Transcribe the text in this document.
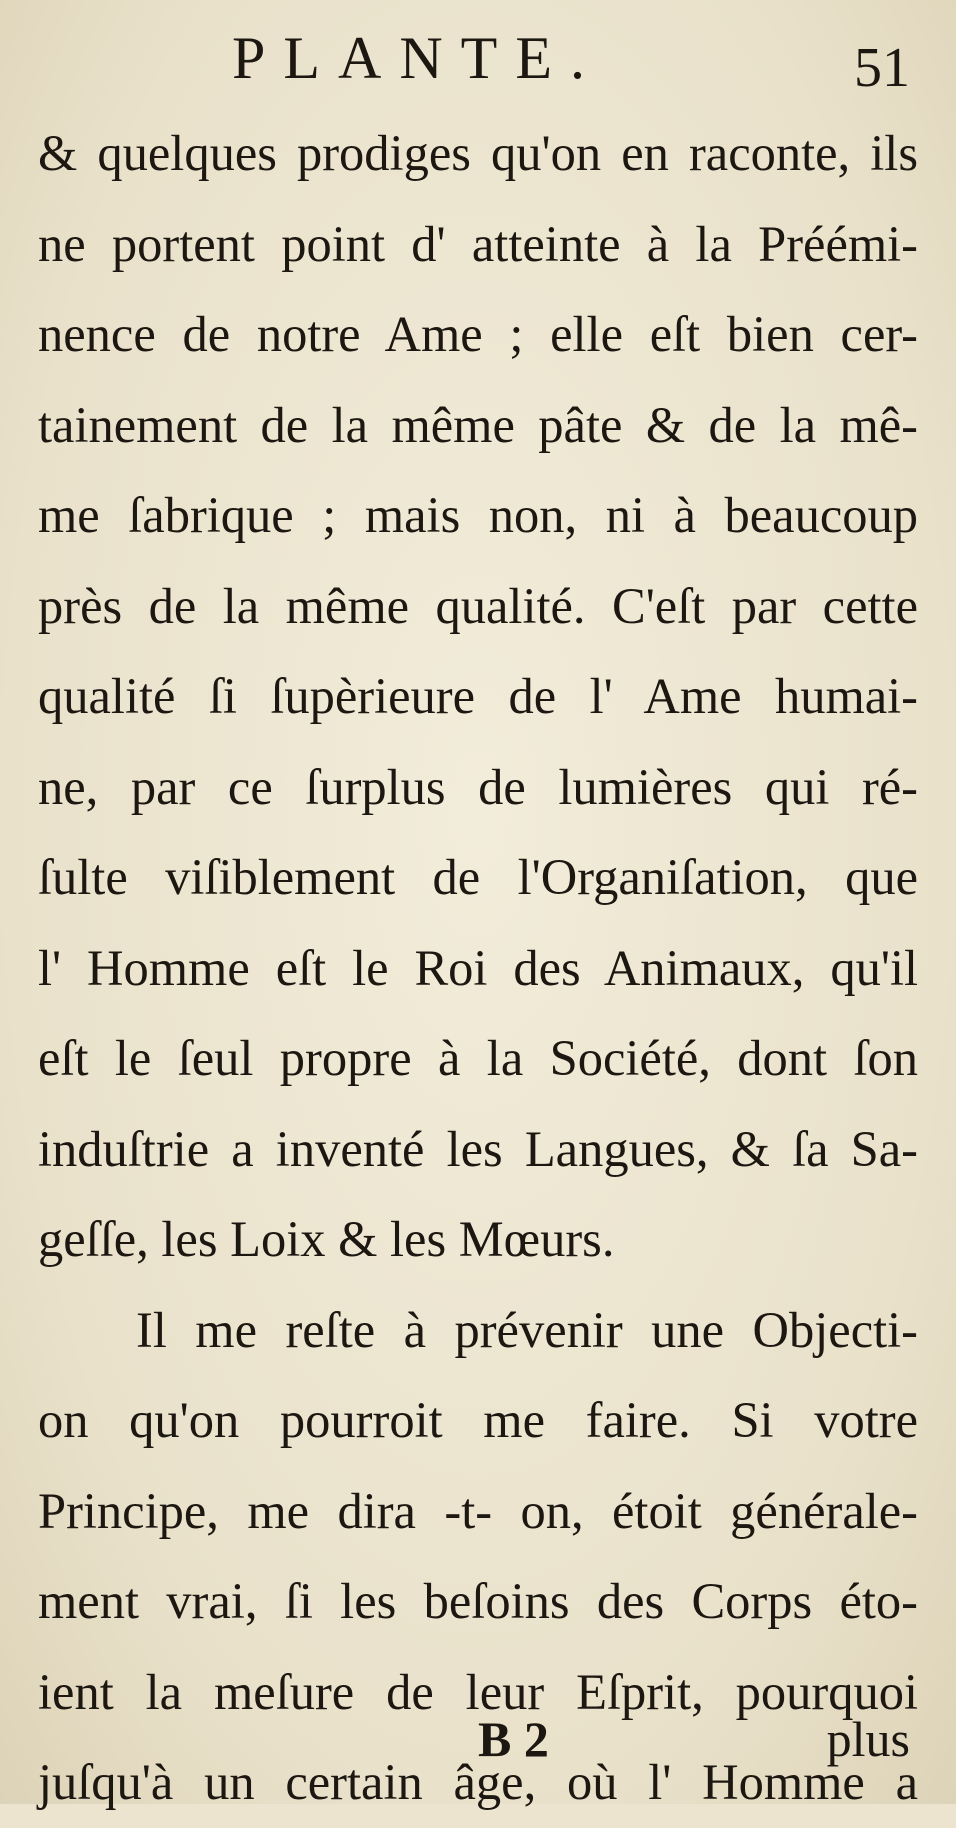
PLANTE.	51
& quelques prodiges qu'on en raconte, ils
ne portent point d' atteinte à la Préémi-
nence de notre Ame ; elle eſt bien cer-
tainement de la même pâte & de la mê-
me ſabrique ; mais non, ni à beaucoup
près de la même qualité. C'eſt par cette
qualité ſi ſupèrieure de l' Ame humai-
ne, par ce ſurplus de lumières qui ré-
ſulte viſiblement de l'Organiſation, que
l' Homme eſt le Roi des Animaux, qu'il
eſt le ſeul propre à la Société, dont ſon
induſtrie a inventé les Langues, & ſa Sa-
geſſe, les Loix & les Mœurs.
Il me reſte à prévenir une Objecti-
on qu'on pourroit me faire. Si votre
Principe, me dira -t- on, étoit générale-
ment vrai, ſi les beſoins des Corps éto-
ient la meſure de leur Eſprit, pourquoi
juſqu'à un certain âge, où l' Homme a
B 2	plus
